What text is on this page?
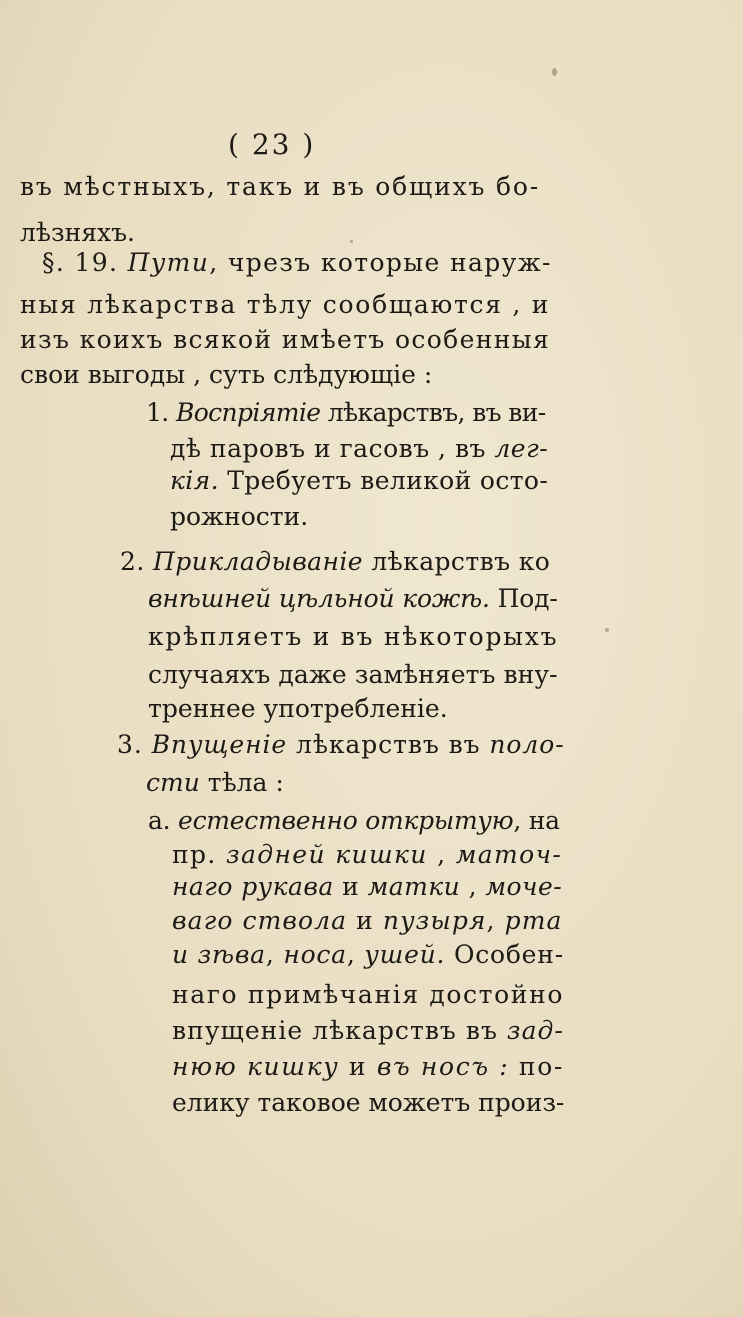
( 23 )
въ мѣстныхъ, такъ и въ общихъ бо-
лѣзняхъ.
§. 19. Пути, чрезъ которые наруж-
ныя лѣкарства тѣлу сообщаются , и
изъ коихъ всякой имѣетъ особенныя
свои выгоды , суть слѣдующіе :
1. Воспріятіе лѣкарствъ, въ ви-
дѣ паровъ и гасовъ , въ лег-
кія. Требуетъ великой осто-
рожности.
2. Прикладываніе лѣкарствъ ко
внѣшней цѣльной кожѣ. Под-
крѣпляетъ и въ нѣкоторыхъ
случаяхъ даже замѣняетъ вну-
треннее употребленіе.
3. Впущеніе лѣкарствъ въ поло-
сти тѣла :
a. естественно открытую, на
пр. задней кишки , маточ-
наго рукава и матки , моче-
ваго ствола и пузыря, рта
и зѣва, носа, ушей. Особен-
наго примѣчанія достойно
впущеніе лѣкарствъ въ зад-
нюю кишку и въ носъ : по-
елику таковое можетъ произ-
